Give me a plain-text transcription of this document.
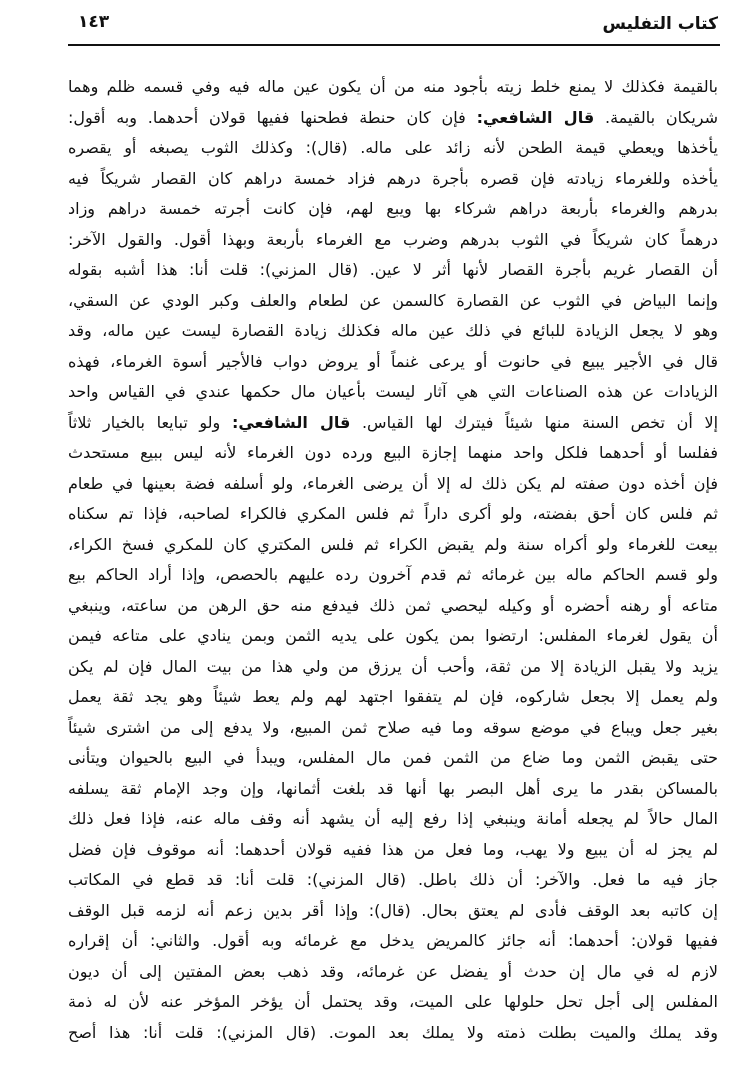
كتاب التفليس
١٤٣
بالقيمة فكذلك لا يمنع خلط زيته بأجود منه من أن يكون عين ماله فيه وفي قسمه ظلم وهما
شريكان بالقيمة. قال الشافعي: فإن كان حنطة فطحنها ففيها قولان أحدهما. وبه أقول:
يأخذها ويعطي قيمة الطحن لأنه زائد على ماله. (قال): وكذلك الثوب يصبغه أو يقصره
يأخذه وللغرماء زيادته فإن قصره بأجرة درهم فزاد خمسة دراهم كان القصار شريكاً فيه
بدرهم والغرماء بأربعة دراهم شركاء بها ويبع لهم، فإن كانت أجرته خمسة دراهم وزاد
درهماً كان شريكاً في الثوب بدرهم وضرب مع الغرماء بأربعة وبهذا أقول. والقول الآخر:
أن القصار غريم بأجرة القصار لأنها أثر لا عين. (قال المزني): قلت أنا: هذا أشبه بقوله
وإنما البياض في الثوب عن القصارة كالسمن عن لطعام والعلف وكبر الودي عن السقي،
وهو لا يجعل الزيادة للبائع في ذلك عين ماله فكذلك زيادة القصارة ليست عين ماله، وقد
قال في الأجير يبيع في حانوت أو يرعى غنماً أو يروض دواب فالأجير أسوة الغرماء، فهذه
الزيادات عن هذه الصناعات التي هي آثار ليست بأعيان مال حكمها عندي في القياس واحد
إلا أن تخص السنة منها شيئاً فيترك لها القياس. قال الشافعي: ولو تبايعا بالخيار ثلاثاً
ففلسا أو أحدهما فلكل واحد منهما إجازة البيع ورده دون الغرماء لأنه ليس ببيع مستحدث
فإن أخذه دون صفته لم يكن ذلك له إلا أن يرضى الغرماء، ولو أسلفه فضة بعينها في طعام
ثم فلس كان أحق بفضته، ولو أكرى داراً ثم فلس المكري فالكراء لصاحبه، فإذا تم سكناه
بيعت للغرماء ولو أكراه سنة ولم يقبض الكراء ثم فلس المكتري كان للمكري فسخ الكراء،
ولو قسم الحاكم ماله بين غرمائه ثم قدم آخرون رده عليهم بالحصص، وإذا أراد الحاكم بيع
متاعه أو رهنه أحضره أو وكيله ليحصي ثمن ذلك فيدفع منه حق الرهن من ساعته، وينبغي
أن يقول لغرماء المفلس: ارتضوا بمن يكون على يديه الثمن وبمن ينادي على متاعه فيمن
يزيد ولا يقبل الزيادة إلا من ثقة، وأحب أن يرزق من ولي هذا من بيت المال فإن لم يكن
ولم يعمل إلا بجعل شاركوه، فإن لم يتفقوا اجتهد لهم ولم يعط شيئاً وهو يجد ثقة يعمل
بغير جعل ويباع في موضع سوقه وما فيه صلاح ثمن المبيع، ولا يدفع إلى من اشترى شيئاً
حتى يقبض الثمن وما ضاع من الثمن فمن مال المفلس، ويبدأ في البيع بالحيوان ويتأنى
بالمساكن بقدر ما يرى أهل البصر بها أنها قد بلغت أثمانها، وإن وجد الإمام ثقة يسلفه
المال حالاً لم يجعله أمانة وينبغي إذا رفع إليه أن يشهد أنه وقف ماله عنه، فإذا فعل ذلك
لم يجز له أن يبيع ولا يهب، وما فعل من هذا ففيه قولان أحدهما: أنه موقوف فإن فضل
جاز فيه ما فعل. والآخر: أن ذلك باطل. (قال المزني): قلت أنا: قد قطع في المكاتب
إن كاتبه بعد الوقف فأدى لم يعتق بحال. (قال): وإذا أقر بدين زعم أنه لزمه قبل الوقف
ففيها قولان: أحدهما: أنه جائز كالمريض يدخل مع غرمائه وبه أقول. والثاني: أن إقراره
لازم له في مال إن حدث أو يفضل عن غرمائه، وقد ذهب بعض المفتين إلى أن ديون
المفلس إلى أجل تحل حلولها على الميت، وقد يحتمل أن يؤخر المؤخر عنه لأن له ذمة
وقد يملك والميت بطلت ذمته ولا يملك بعد الموت. (قال المزني): قلت أنا: هذا أصح
